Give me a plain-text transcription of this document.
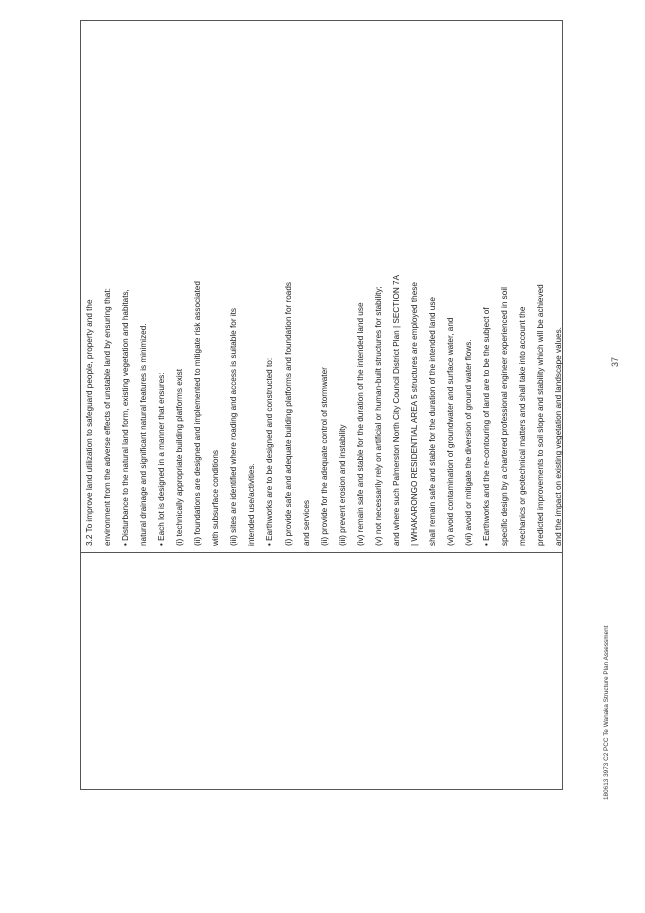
3.2 To improve land utilization to safeguard people, property and the	environment from the adverse effects of unstable land by ensuring that:	• Disturbance to the natural land form, existing vegetation and habitats,	natural drainage and significant natural features is minimized.	• Each lot is designed in a manner that ensures:	(i) technically appropriate building platforms exist	(ii) foundations are designed and implemented to mitigate risk associated	with subsurface conditions	(iii) sites are identified where roading and access is suitable for its	intended use/activities.	• Earthworks are to be designed and constructed to:	(i) provide safe and adequate building platforms and foundation for roads	and services	(ii) provide for the adequate control of stormwater	(iii) prevent erosion and instability	(iv) remain safe and stable for the duration of the intended land use	(v) not necessarily rely on artificial or human-built structures for stability;	and where such Palmerston North City Council District Plan | SECTION 7A	| WHAKARONGO RESIDENTIAL AREA 5 structures are employed these	shall remain safe and stable for the duration of the intended land use	(vi) avoid contamination of groundwater and surface water, and	(vii) avoid or mitigate the diversion of ground water flows.	• Earthworks and the re-contouring of land are to be the subject of	specific design by a chartered professional engineer experienced in soil	mechanics or geotechnical matters and shall take into account the	predicted improvements to soil slope and stability which will be achieved	and the impact on existing vegetation and landscape values.	37
180613 3973 C2 PCC Te Wanaka Structure Plan Assessment
